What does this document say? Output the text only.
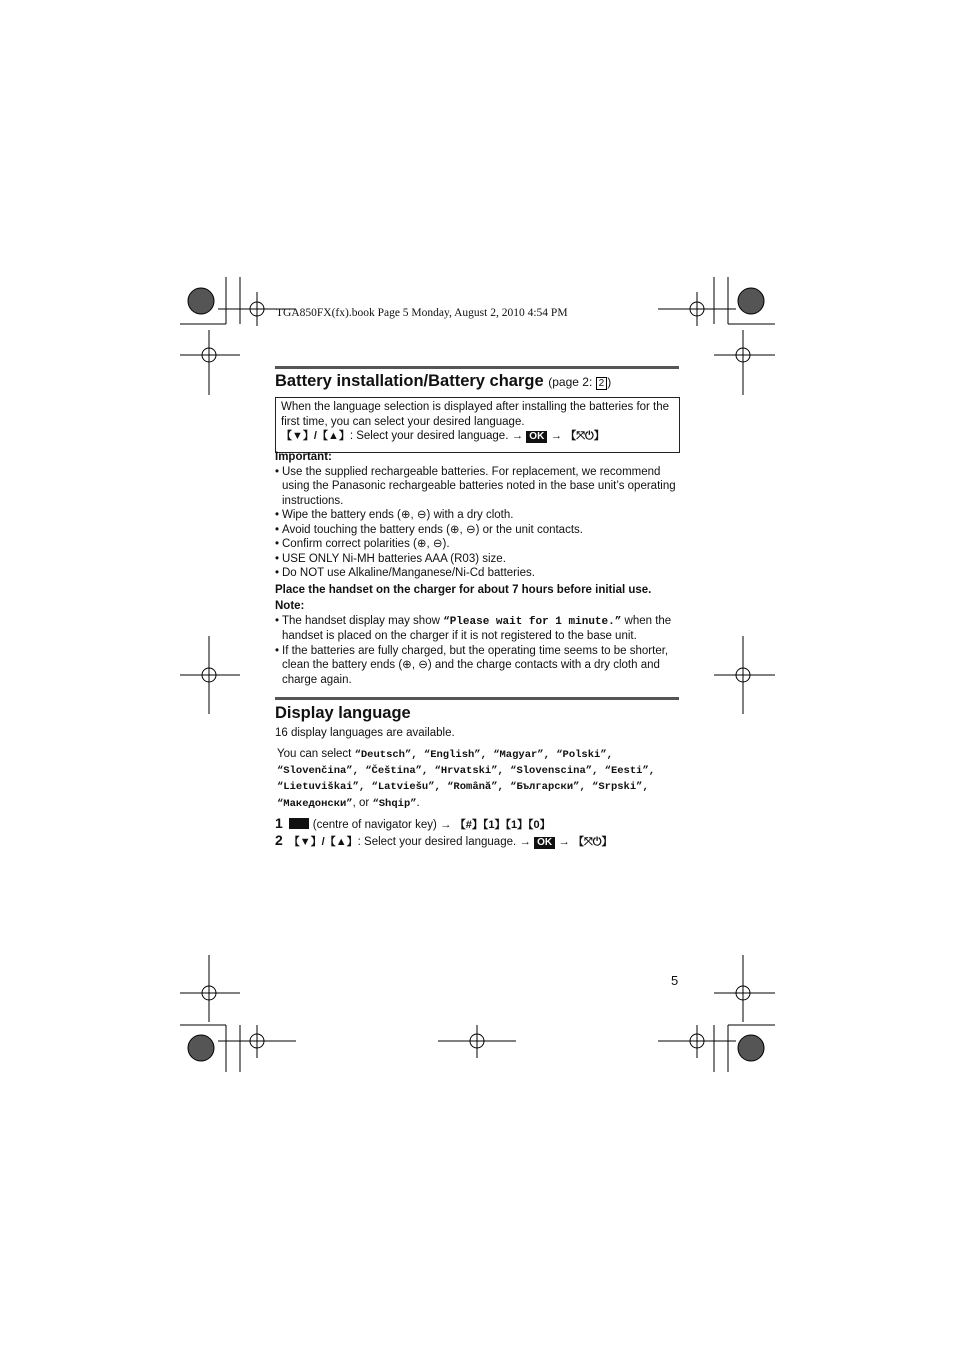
TGA850FX(fx).book Page 5 Monday, August 2, 2010 4:54 PM
Battery installation/Battery charge (page 2: 2 )
When the language selection is displayed after installing the batteries for the first time, you can select your desired language.
【▼】/【▲】: Select your desired language. → OK → 【⤧⏻】
Important:
• Use the supplied rechargeable batteries. For replacement, we recommend using the Panasonic rechargeable batteries noted in the base unit’s operating instructions.
• Wipe the battery ends (⊕, ⊖) with a dry cloth.
• Avoid touching the battery ends (⊕, ⊖) or the unit contacts.
• Confirm correct polarities (⊕, ⊖).
• USE ONLY Ni-MH batteries AAA (R03) size.
• Do NOT use Alkaline/Manganese/Ni-Cd batteries.
Place the handset on the charger for about 7 hours before initial use.
Note:
• The handset display may show “Please wait for 1 minute.” when the handset is placed on the charger if it is not registered to the base unit.
• If the batteries are fully charged, but the operating time seems to be shorter, clean the battery ends (⊕, ⊖) and the charge contacts with a dry cloth and charge again.
Display language
16 display languages are available.
You can select “Deutsch”, “English”, “Magyar”, “Polski”,
“Slovenčina”, “Čeština”, “Hrvatski”, “Slovenscina”, “Eesti”,
“Lietuviškai”, “Latviešu”, “Română”, “Български”, “Srpski”,
“Македонски”, or “Shqip”.
1	(centre of navigator key) → 【#】【1】【1】【0】
2 【▼】/【▲】: Select your desired language. → OK → 【⤧⏻】
5
